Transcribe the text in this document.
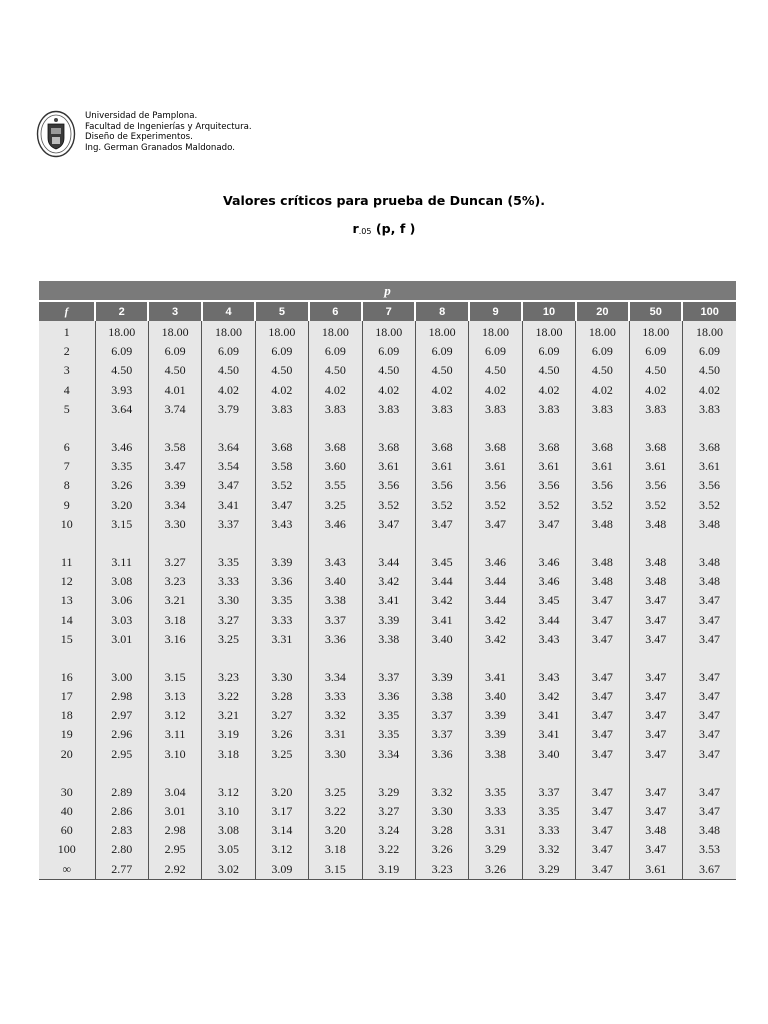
Universidad de Pamplona.
Facultad de Ingenierías y Arquitectura.
Diseño de Experimentos.
Ing. German Granados Maldonado.
Valores críticos para prueba de Duncan (5%).
$r_{.05}$ (p, f )
p
f	2	3	4	5	6	7	8	9	10	20	50	100
1	18.00	18.00	18.00	18.00	18.00	18.00	18.00	18.00	18.00	18.00	18.00	18.00
2	6.09	6.09	6.09	6.09	6.09	6.09	6.09	6.09	6.09	6.09	6.09	6.09
3	4.50	4.50	4.50	4.50	4.50	4.50	4.50	4.50	4.50	4.50	4.50	4.50
4	3.93	4.01	4.02	4.02	4.02	4.02	4.02	4.02	4.02	4.02	4.02	4.02
5	3.64	3.74	3.79	3.83	3.83	3.83	3.83	3.83	3.83	3.83	3.83	3.83

6	3.46	3.58	3.64	3.68	3.68	3.68	3.68	3.68	3.68	3.68	3.68	3.68
7	3.35	3.47	3.54	3.58	3.60	3.61	3.61	3.61	3.61	3.61	3.61	3.61
8	3.26	3.39	3.47	3.52	3.55	3.56	3.56	3.56	3.56	3.56	3.56	3.56
9	3.20	3.34	3.41	3.47	3.25	3.52	3.52	3.52	3.52	3.52	3.52	3.52
10	3.15	3.30	3.37	3.43	3.46	3.47	3.47	3.47	3.47	3.48	3.48	3.48

11	3.11	3.27	3.35	3.39	3.43	3.44	3.45	3.46	3.46	3.48	3.48	3.48
12	3.08	3.23	3.33	3.36	3.40	3.42	3.44	3.44	3.46	3.48	3.48	3.48
13	3.06	3.21	3.30	3.35	3.38	3.41	3.42	3.44	3.45	3.47	3.47	3.47
14	3.03	3.18	3.27	3.33	3.37	3.39	3.41	3.42	3.44	3.47	3.47	3.47
15	3.01	3.16	3.25	3.31	3.36	3.38	3.40	3.42	3.43	3.47	3.47	3.47

16	3.00	3.15	3.23	3.30	3.34	3.37	3.39	3.41	3.43	3.47	3.47	3.47
17	2.98	3.13	3.22	3.28	3.33	3.36	3.38	3.40	3.42	3.47	3.47	3.47
18	2.97	3.12	3.21	3.27	3.32	3.35	3.37	3.39	3.41	3.47	3.47	3.47
19	2.96	3.11	3.19	3.26	3.31	3.35	3.37	3.39	3.41	3.47	3.47	3.47
20	2.95	3.10	3.18	3.25	3.30	3.34	3.36	3.38	3.40	3.47	3.47	3.47

30	2.89	3.04	3.12	3.20	3.25	3.29	3.32	3.35	3.37	3.47	3.47	3.47
40	2.86	3.01	3.10	3.17	3.22	3.27	3.30	3.33	3.35	3.47	3.47	3.47
60	2.83	2.98	3.08	3.14	3.20	3.24	3.28	3.31	3.33	3.47	3.48	3.48
100	2.80	2.95	3.05	3.12	3.18	3.22	3.26	3.29	3.32	3.47	3.47	3.53
∞	2.77	2.92	3.02	3.09	3.15	3.19	3.23	3.26	3.29	3.47	3.61	3.67
